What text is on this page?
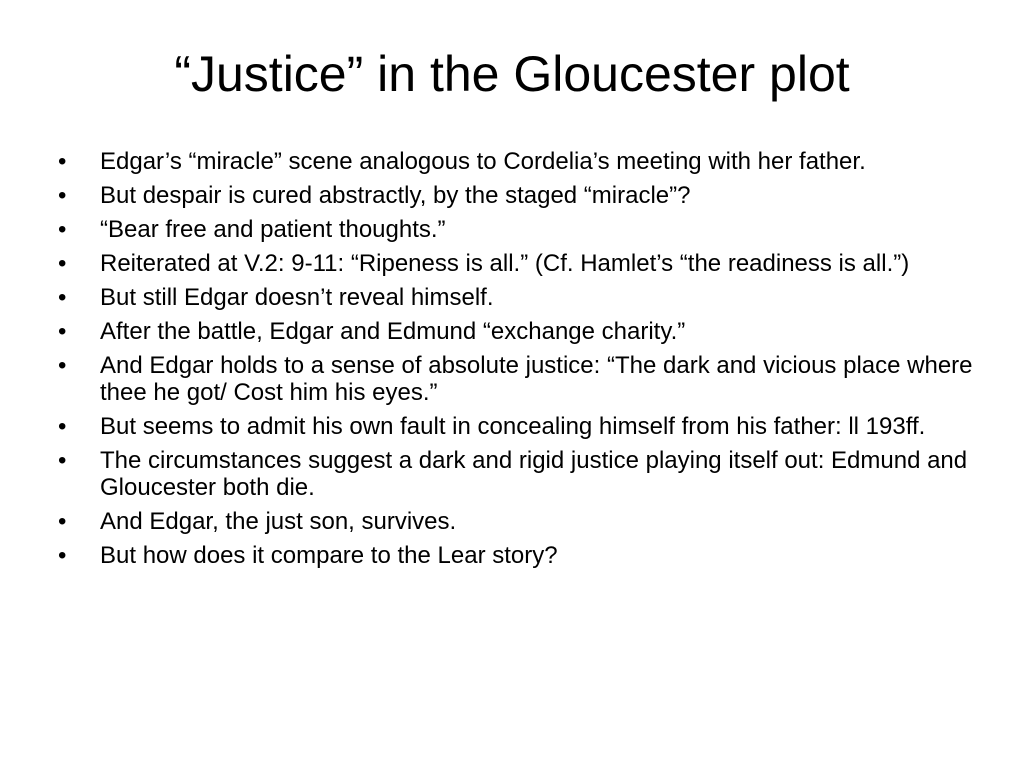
“Justice” in the Gloucester plot
•	Edgar’s “miracle” scene analogous to Cordelia’s meeting with her father.
•	But despair is cured abstractly, by the staged “miracle”?
•	“Bear free and patient thoughts.”
•	Reiterated at V.2: 9-11: “Ripeness is all.” (Cf. Hamlet’s “the readiness is all.”)
•	But still Edgar doesn’t reveal himself.
•	After the battle, Edgar and Edmund “exchange charity.”
•	And Edgar holds to a sense of absolute justice: “The dark and vicious place where thee he got/ Cost him his eyes.”
•	But seems to admit his own fault in concealing himself from his father: ll 193ff.
•	The circumstances suggest a dark and rigid justice playing itself out: Edmund and Gloucester both die.
•	And Edgar, the just son, survives.
•	But how does it compare to the Lear story?
